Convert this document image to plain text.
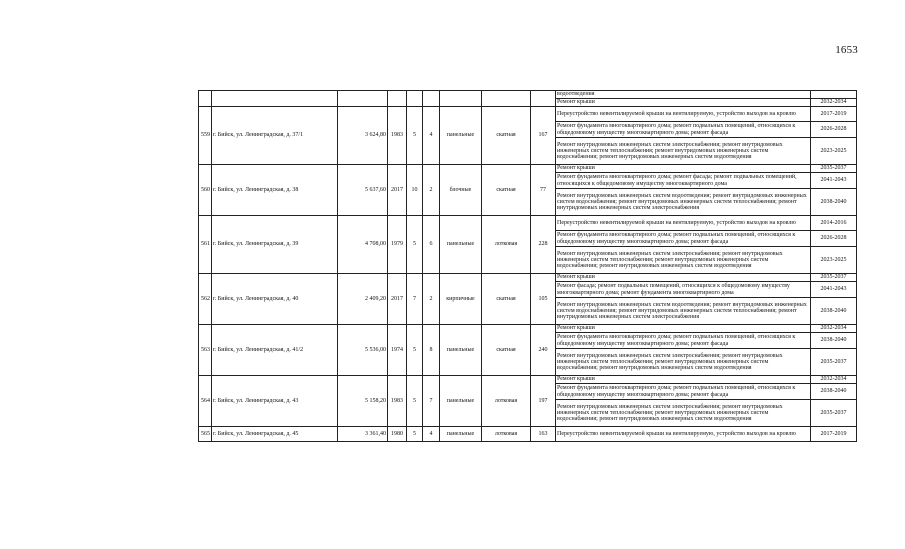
1653
									водоотведения	
									Ремонт крыши	2032-2034
559	г. Бийск, ул. Ленинградская, д. 37/1	3 624,80	1983	5	4	панельные	скатная	167	Переустройство невентилируемой крыши на вентилируемую, устройство выходов на кровлю	2017-2019
									Ремонт фундамента многоквартирного дома; ремонт подвальных помещений, относящихся к общедомовому имуществу многоквартирного дома; ремонт фасада	2026-2028
									Ремонт внутридомовых инженерных систем электроснабжения; ремонт внутридомовых инженерных систем теплоснабжения; ремонт внутридомовых инженерных систем водоснабжения; ремонт внутридомовых инженерных систем водоотведения	2023-2025
560	г. Бийск, ул. Ленинградская, д. 38	5 637,60	2017	10	2	блочные	скатная	77	Ремонт крыши	2035-2037
									Ремонт фундамента многоквартирного дома; ремонт фасада; ремонт подвальных помещений, относящихся к общедомовому имуществу многоквартирного дома	2041-2043
									Ремонт внутридомовых инженерных систем водоотведения; ремонт внутридомовых инженерных систем водоснабжения; ремонт внутридомовых инженерных систем теплоснабжения; ремонт внутридомовых инженерных систем электроснабжения	2038-2040
561	г. Бийск, ул. Ленинградская, д. 39	4 708,00	1979	5	6	панельные	лотковая	228	Переустройство невентилируемой крыши на вентилируемую, устройство выходов на кровлю	2014-2016
									Ремонт фундамента многоквартирного дома; ремонт подвальных помещений, относящихся к общедомовому имуществу многоквартирного дома; ремонт фасада	2026-2028
									Ремонт внутридомовых инженерных систем электроснабжения; ремонт внутридомовых инженерных систем теплоснабжения; ремонт внутридомовых инженерных систем водоснабжения; ремонт внутридомовых инженерных систем водоотведения	2023-2025
562	г. Бийск, ул. Ленинградская, д. 40	2 409,20	2017	7	2	кирпичные	скатная	105	Ремонт крыши	2035-2037
									Ремонт фасада; ремонт подвальных помещений, относящихся к общедомовому имуществу многоквартирного дома; ремонт фундамента многоквартирного дома	2041-2043
									Ремонт внутридомовых инженерных систем водоотведения; ремонт внутридомовых инженерных систем водоснабжения; ремонт внутридомовых инженерных систем теплоснабжения; ремонт внутридомовых инженерных систем электроснабжения	2038-2040
563	г. Бийск, ул. Ленинградская, д. 41/2	5 536,00	1974	5	8	панельные	скатная	240	Ремонт крыши	2032-2034
									Ремонт фундамента многоквартирного дома; ремонт подвальных помещений, относящихся к общедомовому имуществу многоквартирного дома; ремонт фасада	2038-2040
									Ремонт внутридомовых инженерных систем электроснабжения; ремонт внутридомовых инженерных систем теплоснабжения; ремонт внутридомовых инженерных систем водоснабжения; ремонт внутридомовых инженерных систем водоотведения	2035-2037
564	г. Бийск, ул. Ленинградская, д. 43	5 158,20	1983	5	7	панельные	лотковая	197	Ремонт крыши	2032-2034
									Ремонт фундамента многоквартирного дома; ремонт подвальных помещений, относящихся к общедомовому имуществу многоквартирного дома; ремонт фасада	2038-2040
									Ремонт внутридомовых инженерных систем электроснабжения; ремонт внутридомовых инженерных систем теплоснабжения; ремонт внутридомовых инженерных систем водоснабжения; ремонт внутридомовых инженерных систем водоотведения	2035-2037
565	г. Бийск, ул. Ленинградская, д. 45	3 361,40	1980	5	4	панельные	лотковая	163	Переустройство невентилируемой крыши на вентилируемую, устройство выходов на кровлю	2017-2019
